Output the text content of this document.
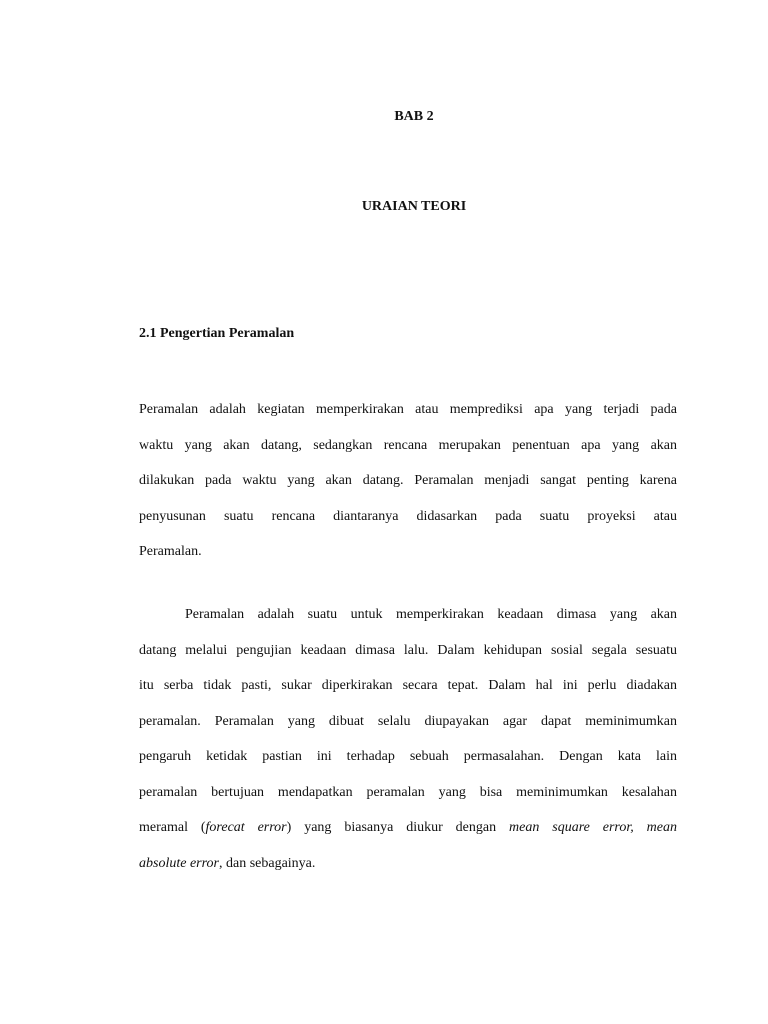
BAB 2
URAIAN TEORI
2.1 Pengertian Peramalan

Peramalan adalah kegiatan memperkirakan atau memprediksi apa yang terjadi pada
waktu yang akan datang, sedangkan rencana merupakan penentuan apa yang akan
dilakukan pada waktu yang akan datang. Peramalan menjadi sangat penting karena
penyusunan suatu rencana diantaranya didasarkan pada suatu proyeksi atau
Peramalan.

Peramalan adalah suatu untuk memperkirakan keadaan dimasa yang akan
datang melalui pengujian keadaan dimasa lalu. Dalam kehidupan sosial segala sesuatu
itu serba tidak pasti, sukar diperkirakan secara tepat. Dalam hal ini perlu diadakan
peramalan. Peramalan yang dibuat selalu diupayakan agar dapat meminimumkan
pengaruh ketidak pastian ini terhadap sebuah permasalahan. Dengan kata lain
peramalan bertujuan mendapatkan peramalan yang bisa meminimumkan kesalahan
meramal (forecat error) yang biasanya diukur dengan mean square error, mean
absolute error, dan sebagainya.
